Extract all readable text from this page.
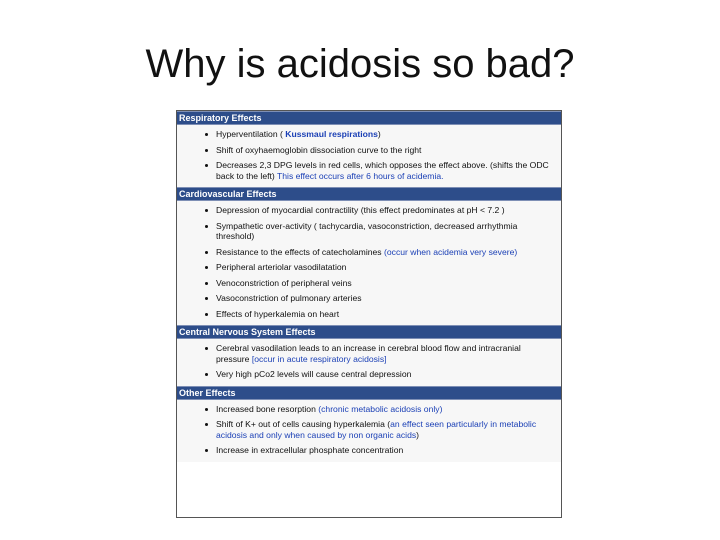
Why is acidosis so bad?
Respiratory Effects
Hyperventilation ( Kussmaul respirations)
Shift of oxyhaemoglobin dissociation curve to the right
Decreases 2,3 DPG levels in red cells, which opposes the effect above. (shifts the ODC back to the left) This effect occurs after 6 hours of acidemia.
Cardiovascular Effects
Depression of myocardial contractility (this effect predominates at pH < 7.2 )
Sympathetic over-activity ( tachycardia, vasoconstriction, decreased arrhythmia threshold)
Resistance to the effects of catecholamines (occur when acidemia very severe)
Peripheral arteriolar vasodilatation
Venoconstriction of peripheral veins
Vasoconstriction of pulmonary arteries
Effects of hyperkalemia on heart
Central Nervous System Effects
Cerebral vasodilation leads to an increase in cerebral blood flow and intracranial pressure [occur in acute respiratory acidosis]
Very high pCo2 levels will cause central depression
Other Effects
Increased bone resorption (chronic metabolic acidosis only)
Shift of K+ out of cells causing hyperkalemia (an effect seen particularly in metabolic acidosis and only when caused by non organic acids)
Increase in extracellular phosphate concentration
